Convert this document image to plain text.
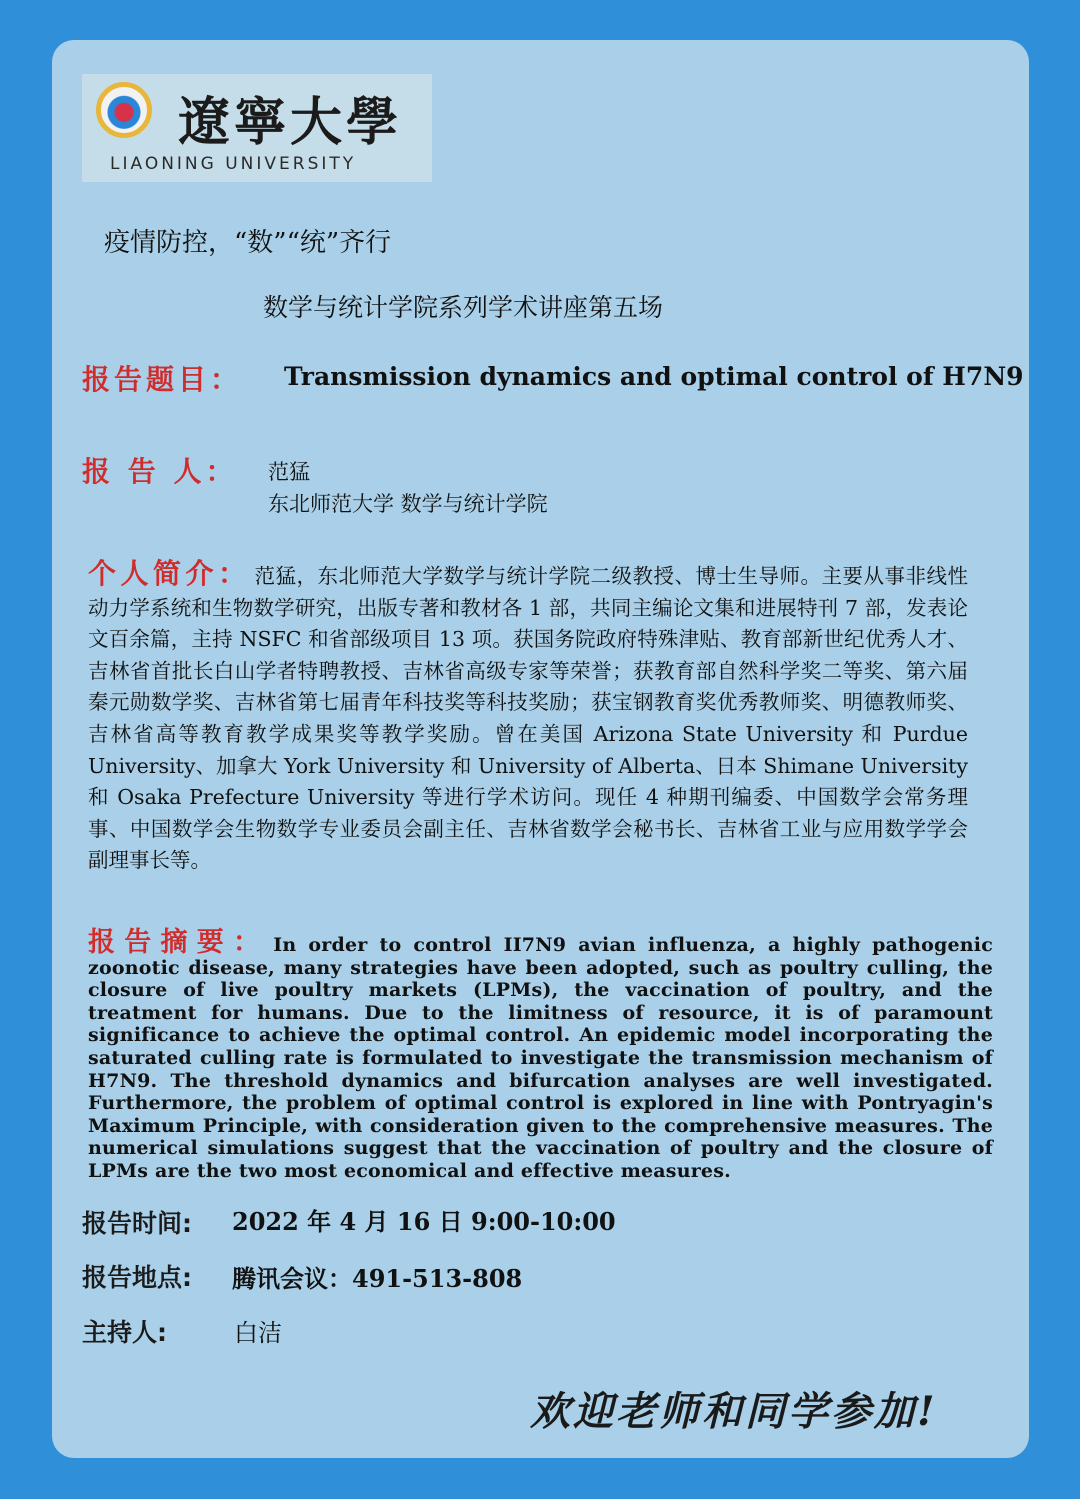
遼寧大學
LIAONING UNIVERSITY
疫情防控，“数”“统”齐行
数学与统计学院系列学术讲座第五场
报告题目： Transmission dynamics and optimal control of H7N9
报 告 人： 范猛
东北师范大学 数学与统计学院
个人简介： 范猛，东北师范大学数学与统计学院二级教授、博士生导师。主要从事非线性动力学系统和生物数学研究，出版专著和教材各 1 部，共同主编论文集和进展特刊 7 部，发表论文百余篇，主持 NSFC 和省部级项目 13 项。获国务院政府特殊津贴、教育部新世纪优秀人才、吉林省首批长白山学者特聘教授、吉林省高级专家等荣誉；获教育部自然科学奖二等奖、第六届秦元勋数学奖、吉林省第七届青年科技奖等科技奖励；获宝钢教育奖优秀教师奖、明德教师奖、吉林省高等教育教学成果奖等教学奖励。曾在美国 Arizona State University 和 Purdue University、加拿大 York University 和 University of Alberta、日本 Shimane University 和 Osaka Prefecture University 等进行学术访问。现任 4 种期刊编委、中国数学会常务理事、中国数学会生物数学专业委员会副主任、吉林省数学会秘书长、吉林省工业与应用数学学会副理事长等。
报告摘要： In order to control II7N9 avian influenza, a highly pathogenic zoonotic disease, many strategies have been adopted, such as poultry culling, the closure of live poultry markets (LPMs), the vaccination of poultry, and the treatment for humans. Due to the limitness of resource, it is of paramount significance to achieve the optimal control. An epidemic model incorporating the saturated culling rate is formulated to investigate the transmission mechanism of H7N9. The threshold dynamics and bifurcation analyses are well investigated. Furthermore, the problem of optimal control is explored in line with Pontryagin's Maximum Principle, with consideration given to the comprehensive measures. The numerical simulations suggest that the vaccination of poultry and the closure of LPMs are the two most economical and effective measures.
报告时间: 2022 年 4 月 16 日 9:00-10:00
报告地点: 腾讯会议：491-513-808
主持人:	白洁
欢迎老师和同学参加!
